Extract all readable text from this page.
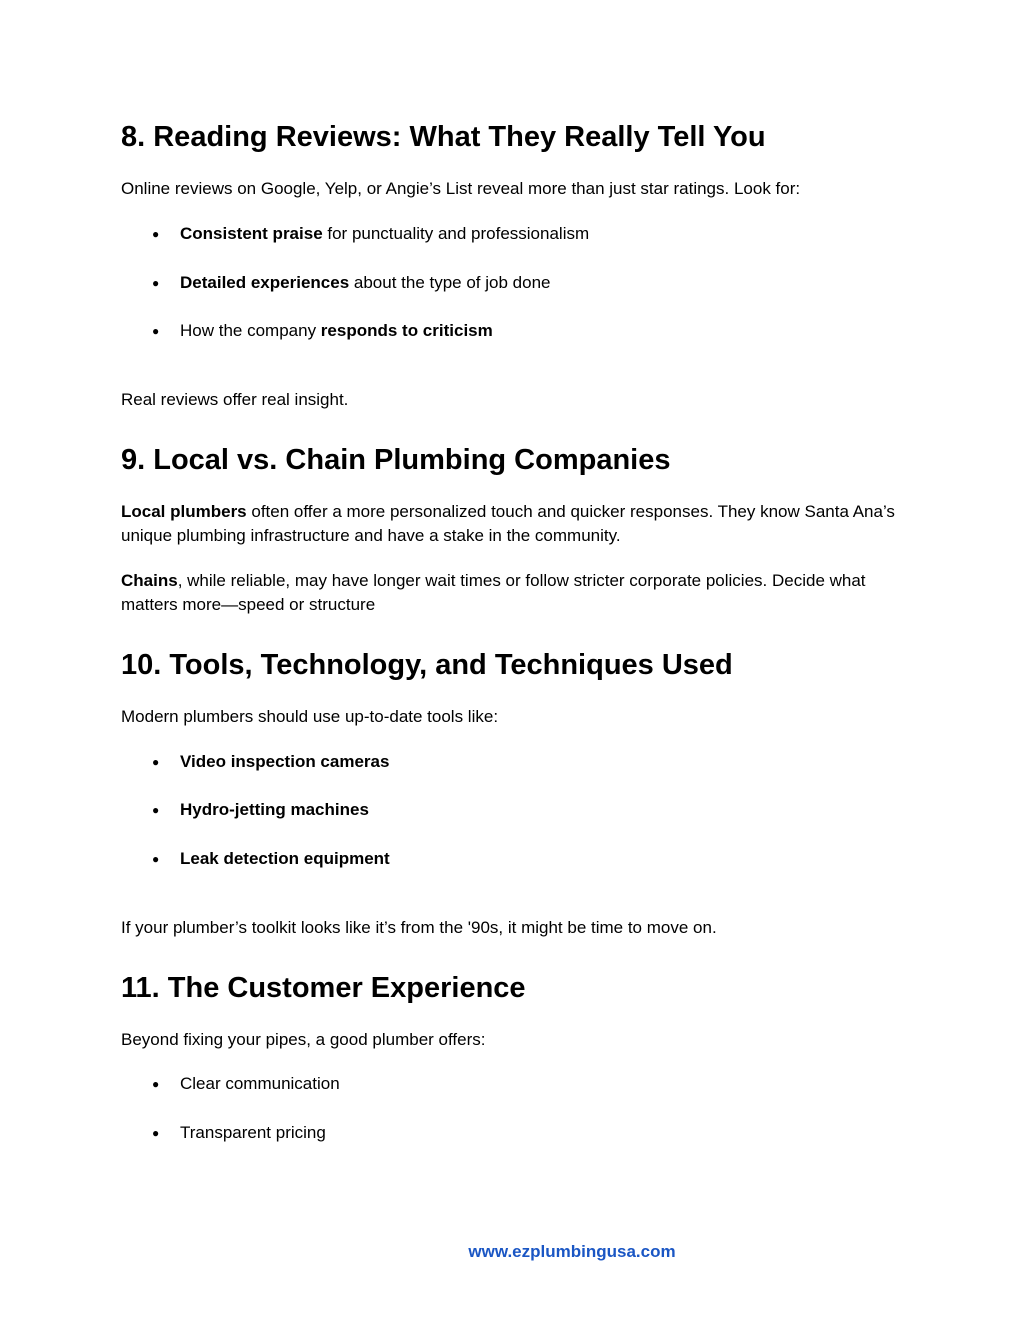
8. Reading Reviews: What They Really Tell You

Online reviews on Google, Yelp, or Angie’s List reveal more than just star ratings. Look for:

● Consistent praise for punctuality and professionalism
● Detailed experiences about the type of job done
● How the company responds to criticism

Real reviews offer real insight.

9. Local vs. Chain Plumbing Companies

Local plumbers often offer a more personalized touch and quicker responses. They know Santa Ana’s unique plumbing infrastructure and have a stake in the community.

Chains, while reliable, may have longer wait times or follow stricter corporate policies. Decide what matters more—speed or structure

10. Tools, Technology, and Techniques Used

Modern plumbers should use up-to-date tools like:

● Video inspection cameras
● Hydro-jetting machines
● Leak detection equipment

If your plumber’s toolkit looks like it’s from the '90s, it might be time to move on.

11. The Customer Experience

Beyond fixing your pipes, a good plumber offers:

● Clear communication
● Transparent pricing
www.ezplumbingusa.com
